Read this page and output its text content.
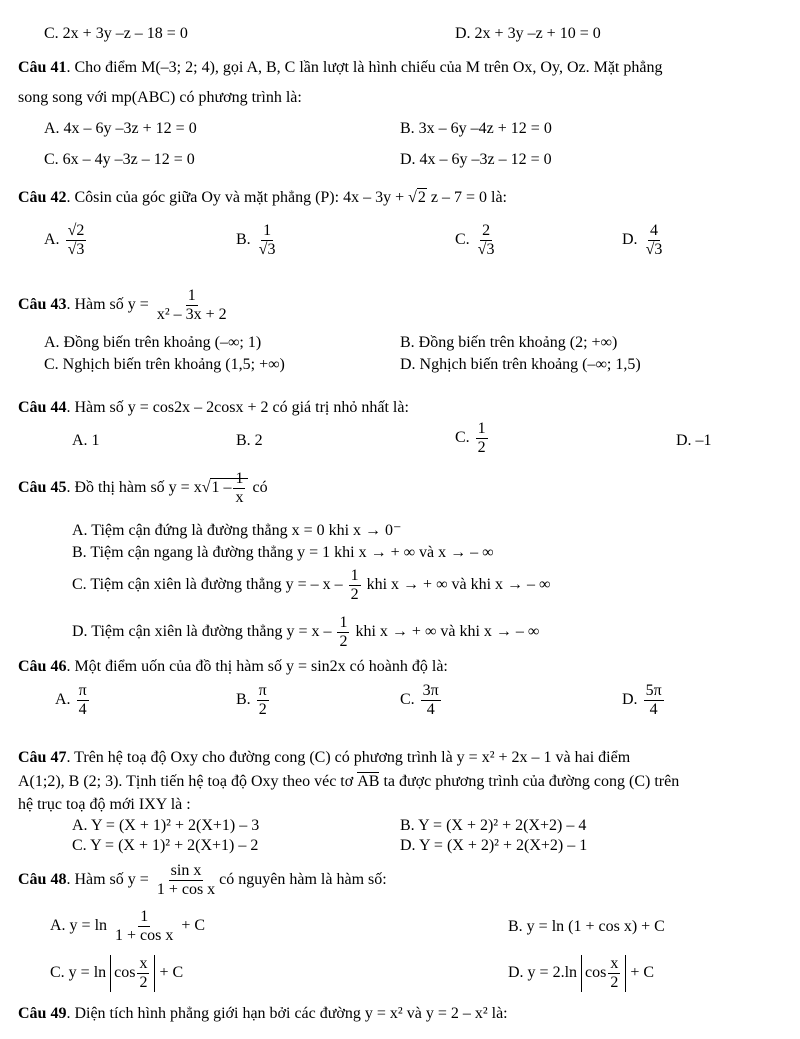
C. 2x + 3y –z – 18 = 0	D. 2x + 3y –z + 10 = 0
Câu 41. Cho điểm M(–3; 2; 4), gọi A, B, C lần lượt là hình chiếu của M trên Ox, Oy, Oz. Mặt phẳng
song song với mp(ABC) có phương trình là:
A. 4x – 6y –3z + 12 = 0	B. 3x – 6y –4z + 12 = 0
C. 6x – 4y –3z – 12 = 0	D. 4x – 6y –3z – 12 = 0
Câu 42. Côsin của góc giữa Oy và mặt phẳng (P): 4x – 3y + √2 z – 7 = 0 là:
A. $\frac{√2}{√3}$	B. $\frac{1}{√3}$	C. $\frac{2}{√3}$	D. $\frac{4}{√3}$
Câu 43. Hàm số $y = \frac{1}{\text{x² – 3x + 2}}$
A. Đồng biến trên khoảng (–∞; 1)	B. Đồng biến trên khoảng (2; +∞)
C. Nghịch biến trên khoảng (1,5; +∞)	D. Nghịch biến trên khoảng (–∞; 1,5)
Câu 44. Hàm số y = cos2x – 2cosx + 2 có giá trị nhỏ nhất là:
A. 1	B. 2	C. $\frac{1}{2}$	D. –1
Câu 45. Đồ thị hàm số $y = x√1 - \frac{1}{x}$ có
A. Tiệm cận đứng là đường thẳng x = 0 khi x → 0⁻
B. Tiệm cận ngang là đường thẳng y = 1 khi x → + ∞ và x → – ∞
C. Tiệm cận xiên là đường thẳng y = – x – $\frac{1}{2}$ khi x → + ∞ và khi x → – ∞
D. Tiệm cận xiên là đường thẳng $y = x - \frac{1}{2}$ khi x → + ∞ và khi x → – ∞
Câu 46. Một điểm uốn của đồ thị hàm số y = sin2x có hoành độ là:
A. $\frac{\pi}{4}$	B. $\frac{\pi}{2}$	C. $\frac{3\pi}{4}$	D. $\frac{5\pi}{4}$
Câu 47. Trên hệ toạ độ Oxy cho đường cong (C) có phương trình là y = x² + 2x – 1 và hai điểm
A(1;2), B (2; 3). Tịnh tiến hệ toạ độ Oxy theo véc tơ AB ta được phương trình của đường cong (C) trên
hệ trục toạ độ mới IXY là :
A. Y = (X + 1)² + 2(X+1) – 3	B. Y = (X + 2)² + 2(X+2) – 4
C. Y = (X + 1)² + 2(X+1) – 2	D. Y = (X + 2)² + 2(X+2) – 1
Câu 48. Hàm số $y = \frac{\text{sin x}}{\text{1 + cos x}}$ có nguyên hàm là hàm số:
A. $y = \ln \frac{1}{\text{1 + cos x}} + C$	B. y = ln (1 + cos x) + C
C. $y = \ln \cos \frac{x}{2} + C$	D. y = 2.ln $\cos \frac{x}{2} + C$
Câu 49. Diện tích hình phẳng giới hạn bởi các đường y = x² và y = 2 – x² là:
